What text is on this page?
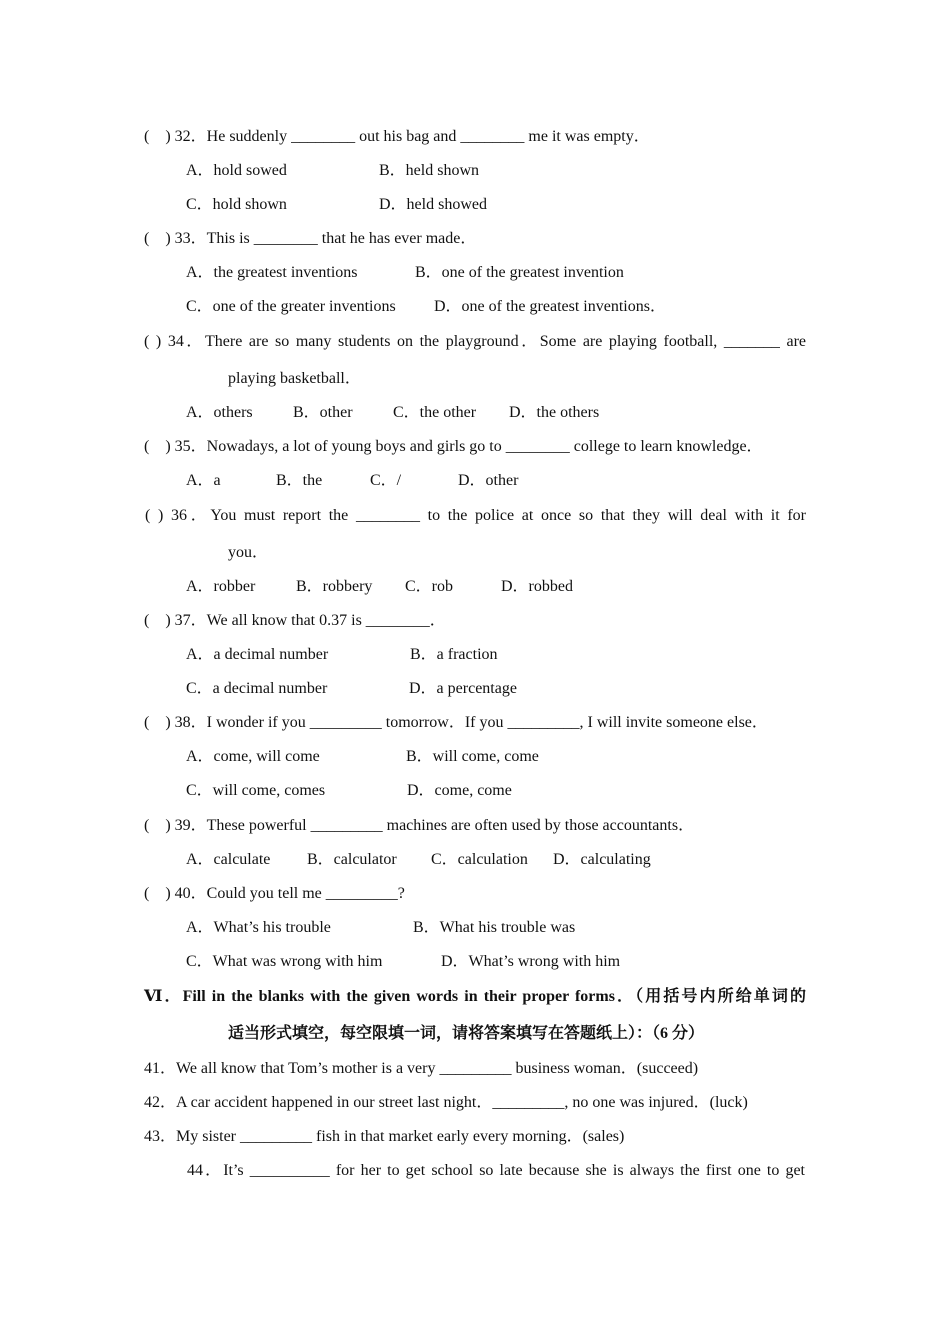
(    ) 32．He suddenly ________ out his bag and ________ me it was empty．
A．hold sowed	B．held shown
C．hold shown	D．held showed
(    ) 33．This is ________ that he has ever made．
A．the greatest inventions	B．one of the greatest invention
C．one of the greater inventions D．one of the greatest inventions．
( ) 34．There are so many students on the playground．Some are playing football, _______ are
playing basketball．
A．others	B．other	C．the other D．the others
(    ) 35．Nowadays, a lot of young boys and girls go to ________ college to learn knowledge．
A．a	B．the	C．/	D．other
( ) 36．You must report the ________ to the police at once so that they will deal with it for
you．
A．robber	B．robbery C．rob	D．robbed
(    ) 37．We all know that 0.37 is ________．
A．a decimal number	B．a fraction
C．a decimal number	D．a percentage
(    ) 38．I wonder if you _________ tomorrow．If you _________, I will invite someone else．
A．come, will come	B．will come, come
C．will come, comes	D．come, come
(    ) 39．These powerful _________ machines are often used by those accountants．
A．calculate B．calculator C．calculation D．calculating
(    ) 40．Could you tell me _________?
A．What’s his trouble	B．What his trouble was
C．What was wrong with him	D．What’s wrong with him
Ⅵ．Fill in the blanks with the given words in their proper forms．（用括号内所给单词的
适当形式填空，每空限填一词，请将答案填写在答题纸上）：（6 分）
41．We all know that Tom’s mother is a very _________ business woman．(succeed)
42．A car accident happened in our street last night．_________, no one was injured．(luck)
43．My sister _________ fish in that market early every morning．(sales)
44．It’s __________ for her to get school so late because she is always the first one to get
